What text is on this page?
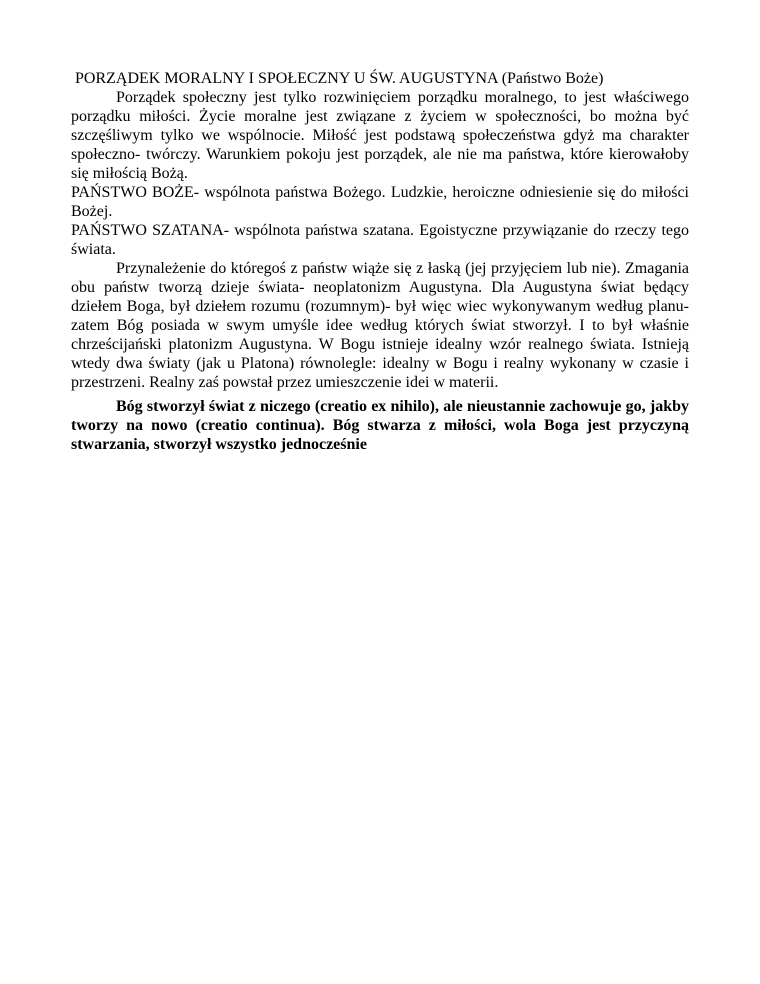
PORZĄDEK MORALNY I SPOŁECZNY U ŚW. AUGUSTYNA (Państwo Boże)

Porządek społeczny jest tylko rozwinięciem porządku moralnego, to jest właściwego porządku miłości. Życie moralne jest związane z życiem w społeczności, bo można być szczęśliwym tylko we wspólnocie. Miłość jest podstawą społeczeństwa gdyż ma charakter społeczno- twórczy. Warunkiem pokoju jest porządek, ale nie ma państwa, które kierowałoby się miłością Bożą.

PAŃSTWO BOŻE- wspólnota państwa Bożego. Ludzkie, heroiczne odniesienie się do miłości Bożej.

PAŃSTWO SZATANA- wspólnota państwa szatana. Egoistyczne przywiązanie do rzeczy tego świata.

Przynależenie do któregoś z państw wiąże się z łaską (jej przyjęciem lub nie). Zmagania obu państw tworzą dzieje świata- neoplatonizm Augustyna. Dla Augustyna świat będący dziełem Boga, był dziełem rozumu (rozumnym)- był więc wiec wykonywanym według planu- zatem Bóg posiada w swym umyśle idee według których świat stworzył. I to był właśnie chrześcijański platonizm Augustyna. W Bogu istnieje idealny wzór realnego świata. Istnieją wtedy dwa światy (jak u Platona) równolegle: idealny w Bogu i realny wykonany w czasie i przestrzeni. Realny zaś powstał przez umieszczenie idei w materii.

Bóg stworzył świat z niczego (creatio ex nihilo), ale nieustannie zachowuje go, jakby tworzy na nowo (creatio continua). Bóg stwarza z miłości, wola Boga jest przyczyną stwarzania, stworzył wszystko jednocześnie
